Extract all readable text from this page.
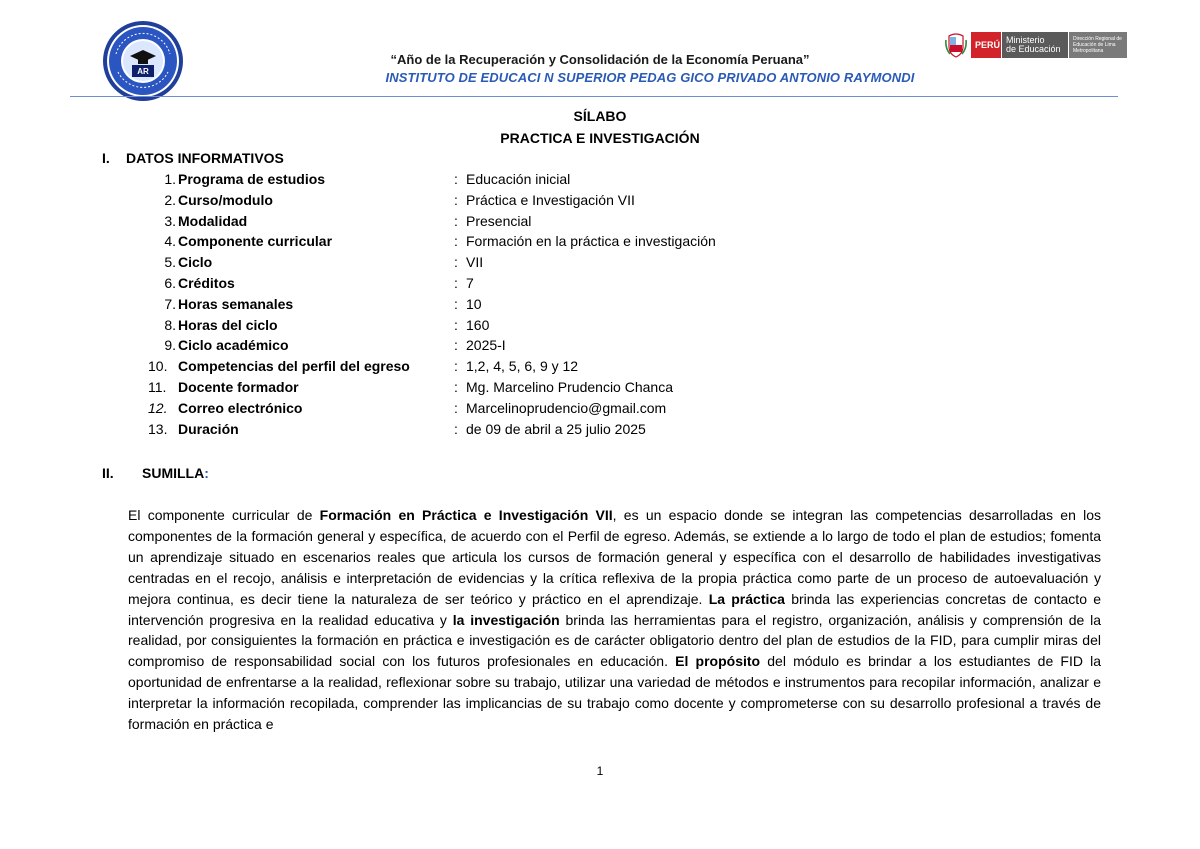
AR
“Año de la Recuperación y Consolidación de la Economía Peruana”
INSTITUTO DE EDUCACI N SUPERIOR PEDAG GICO PRIVADO ANTONIO RAYMONDI
PERÚ Ministerio
de Educación
Dirección Regional de Educación de Lima Metropolitana
SÍLABO
PRACTICA E INVESTIGACIÓN
I. DATOS INFORMATIVOS
1. Programa de estudios	: Educación inicial
2. Curso/modulo	: Práctica e Investigación VII
3. Modalidad	: Presencial
4. Componente curricular	: Formación en la práctica e investigación
5. Ciclo	: VII
6. Créditos	: 7
7. Horas semanales	: 10
8. Horas del ciclo	: 160
9. Ciclo académico	: 2025-I
10. Competencias del perfil del egreso	: 1,2, 4, 5, 6, 9 y 12
11. Docente formador	: Mg. Marcelino Prudencio Chanca
12. Correo electrónico	: Marcelinoprudencio@gmail.com
13. Duración	: de 09 de abril a 25 julio 2025
II. SUMILLA:
El componente curricular de Formación en Práctica e Investigación VII, es un espacio donde se integran las competencias desarrolladas en los componentes de la formación general y específica, de acuerdo con el Perfil de egreso. Además, se extiende a lo largo de todo el plan de estudios; fomenta un aprendizaje situado en escenarios reales que articula los cursos de formación general y específica con el desarrollo de habilidades investigativas centradas en el recojo, análisis e interpretación de evidencias y la crítica reflexiva de la propia práctica como parte de un proceso de autoevaluación y mejora continua, es decir tiene la naturaleza de ser teórico y práctico en el aprendizaje. La práctica brinda las experiencias concretas de contacto e intervención progresiva en la realidad educativa y la investigación brinda las herramientas para el registro, organización, análisis y comprensión de la realidad, por consiguientes la formación en práctica e investigación es de carácter obligatorio dentro del plan de estudios de la FID, para cumplir miras del compromiso de responsabilidad social con los futuros profesionales en educación. El propósito del módulo es brindar a los estudiantes de FID la oportunidad de enfrentarse a la realidad, reflexionar sobre su trabajo, utilizar una variedad de métodos e instrumentos para recopilar información, analizar e interpretar la información recopilada, comprender las implicancias de su trabajo como docente y comprometerse con su desarrollo profesional a través de formación en práctica e
1
